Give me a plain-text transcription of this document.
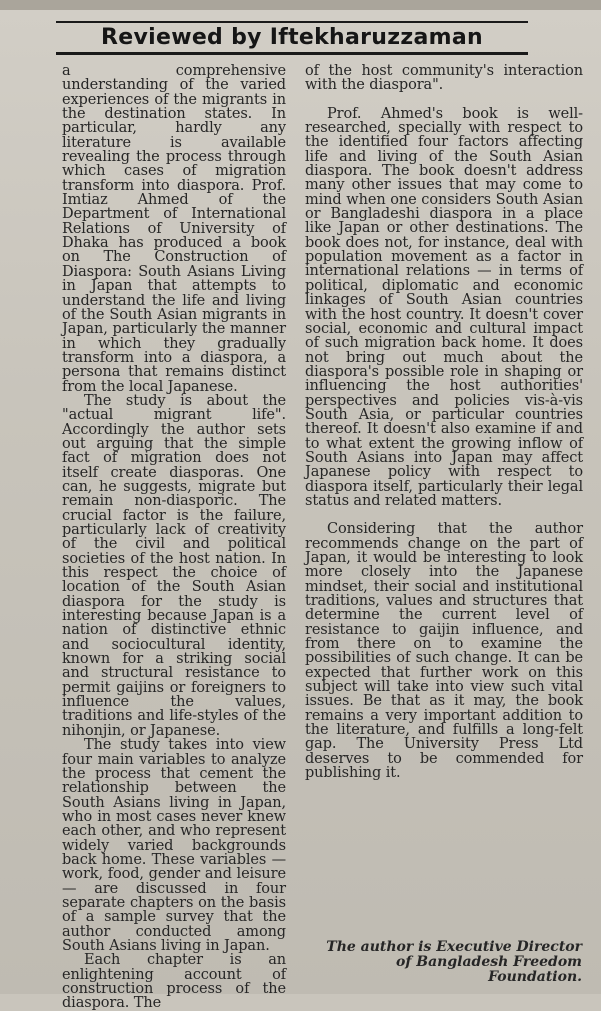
Reviewed by Iftekharuzzaman

a comprehensive understanding of the varied experiences of the migrants in the destination states. In particular, hardly any literature is available revealing the process through which cases of migration transform into diaspora. Prof. Imtiaz Ahmed of the Department of International Relations of University of Dhaka has produced a book on The Construction of Diaspora: South Asians Living in Japan that attempts to understand the life and living of the South Asian migrants in Japan, particularly the manner in which they gradually transform into a diaspora, a persona that remains distinct from the local Japanese.

The study is about the "actual migrant life". Accordingly the author sets out arguing that the simple fact of migration does not itself create diasporas. One can, he suggests, migrate but remain non-diasporic. The crucial factor is the failure, particularly lack of creativity of the civil and political societies of the host nation. In this respect the choice of location of the South Asian diaspora for the study is interesting because Japan is a nation of distinctive ethnic and sociocultural identity, known for a striking social and structural resistance to permit gaijins or foreigners to influence the values, traditions and life-styles of the nihonjin, or Japanese.

The study takes into view four main variables to analyze the process that cement the relationship between the South Asians living in Japan, who in most cases never knew each other, and who represent widely varied backgrounds back home. These variables — work, food, gender and leisure — are discussed in four separate chapters on the basis of a sample survey that the author conducted among South Asians living in Japan.

Each chapter is an enlightening account of construction process of the diaspora. The

of the host community's interaction with the diaspora".

Prof. Ahmed's book is well-researched, specially with respect to the identified four factors affecting life and living of the South Asian diaspora. The book doesn't address many other issues that may come to mind when one considers South Asian or Bangladeshi diaspora in a place like Japan or other destinations. The book does not, for instance, deal with population movement as a factor in international relations — in terms of political, diplomatic and economic linkages of South Asian countries with the host country. It doesn't cover social, economic and cultural impact of such migration back home. It does not bring out much about the diaspora's possible role in shaping or influencing the host authorities' perspectives and policies vis-à-vis South Asia, or particular countries thereof. It doesn't also examine if and to what extent the growing inflow of South Asians into Japan may affect Japanese policy with respect to diaspora itself, particularly their legal status and related matters.

Considering that the author recommends change on the part of Japan, it would be interesting to look more closely into the Japanese mindset, their social and institutional traditions, values and structures that determine the current level of resistance to gaijin influence, and from there on to examine the possibilities of such change. It can be expected that further work on this subject will take into view such vital issues. Be that as it may, the book remains a very important addition to the literature, and fulfills a long-felt gap. The University Press Ltd deserves to be commended for publishing it.

The author is Executive Director of Bangladesh Freedom Foundation.
